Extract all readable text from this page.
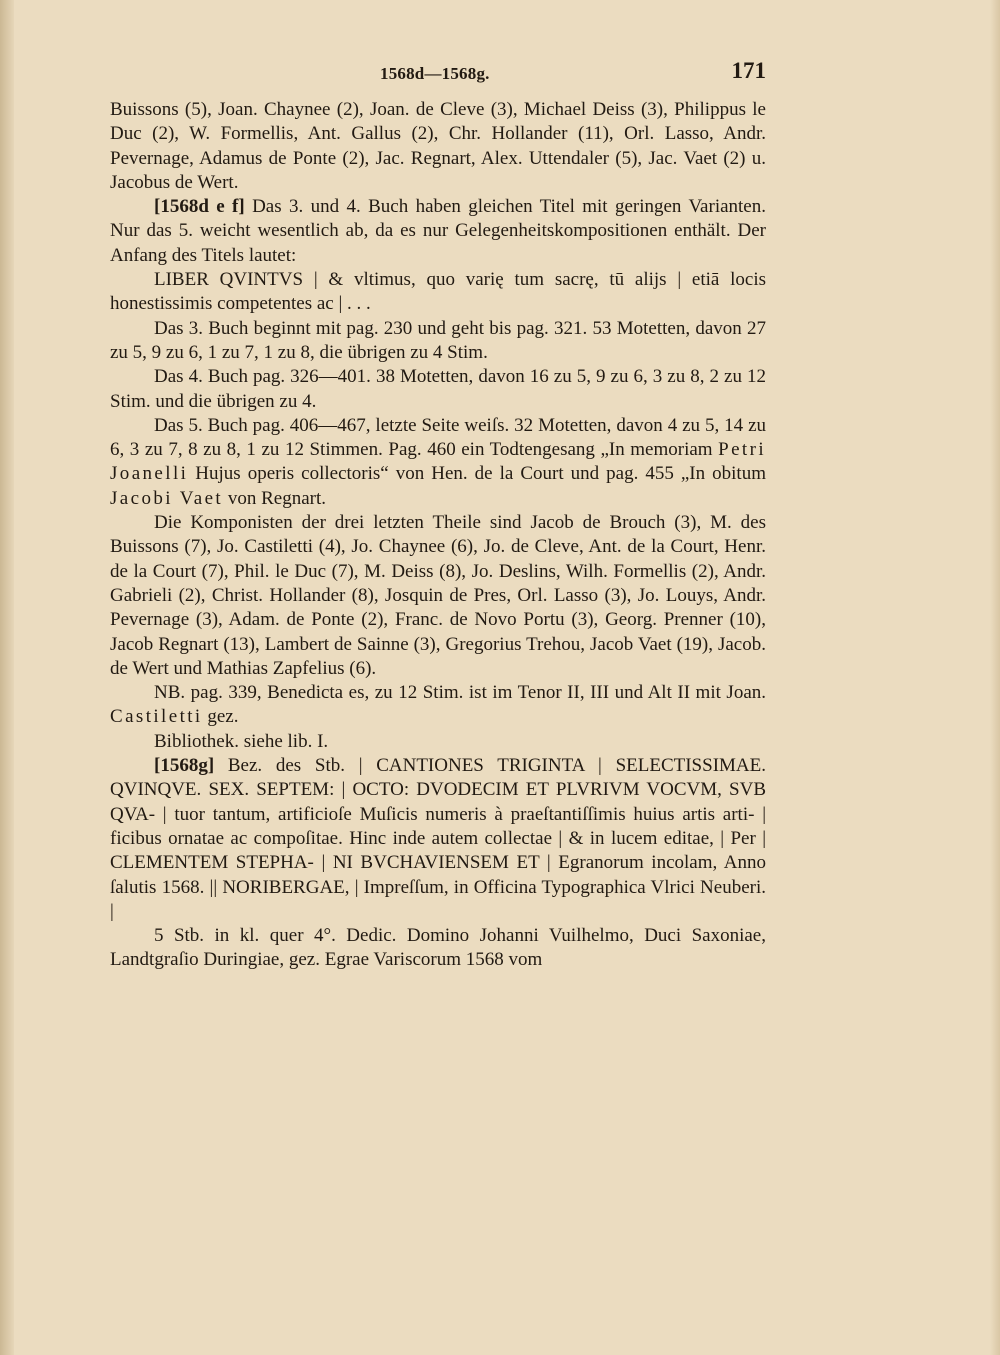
1568d—1568g.	171

Buissons (5), Joan. Chaynee (2), Joan. de Cleve (3), Michael Deiss (3), Philippus le Duc (2), W. Formellis, Ant. Gallus (2), Chr. Hollander (11), Orl. Lasso, Andr. Pevernage, Adamus de Ponte (2), Jac. Regnart, Alex. Uttendaler (5), Jac. Vaet (2) u. Jacobus de Wert.

[1568d e f] Das 3. und 4. Buch haben gleichen Titel mit geringen Varianten. Nur das 5. weicht wesentlich ab, da es nur Gelegenheitskompositionen enthält. Der Anfang des Titels lautet:

LIBER QVINTVS | & vltimus, quo varię tum sacrę, tū alijs | etiā locis honestissimis competentes ac | . . .

Das 3. Buch beginnt mit pag. 230 und geht bis pag. 321. 53 Motetten, davon 27 zu 5, 9 zu 6, 1 zu 7, 1 zu 8, die übrigen zu 4 Stim.

Das 4. Buch pag. 326—401. 38 Motetten, davon 16 zu 5, 9 zu 6, 3 zu 8, 2 zu 12 Stim. und die übrigen zu 4.

Das 5. Buch pag. 406—467, letzte Seite weiſs. 32 Motetten, davon 4 zu 5, 14 zu 6, 3 zu 7, 8 zu 8, 1 zu 12 Stimmen. Pag. 460 ein Todtengesang „In memoriam Petri Joanelli Hujus operis collectoris“ von Hen. de la Court und pag. 455 „In obitum Jacobi Vaet von Regnart.

Die Komponisten der drei letzten Theile sind Jacob de Brouch (3), M. des Buissons (7), Jo. Castiletti (4), Jo. Chaynee (6), Jo. de Cleve, Ant. de la Court, Henr. de la Court (7), Phil. le Duc (7), M. Deiss (8), Jo. Deslins, Wilh. Formellis (2), Andr. Gabrieli (2), Christ. Hollander (8), Josquin de Pres, Orl. Lasso (3), Jo. Louys, Andr. Pevernage (3), Adam. de Ponte (2), Franc. de Novo Portu (3), Georg. Prenner (10), Jacob Regnart (13), Lambert de Sainne (3), Gregorius Trehou, Jacob Vaet (19), Jacob. de Wert und Mathias Zapfelius (6).

NB. pag. 339, Benedicta es, zu 12 Stim. ist im Tenor II, III und Alt II mit Joan. Castiletti gez.

Bibliothek. siehe lib. I.

[1568g] Bez. des Stb. | CANTIONES TRIGINTA | SELECTISSIMAE. QVINQVE. SEX. SEPTEM: | OCTO: DVODECIM ET PLVRIVM VOCVM, SVB QVA- | tuor tantum, artificioſe Muſicis numeris à praeſtantiſſimis huius artis arti- | ficibus ornatae ac compoſitae. Hinc inde autem collectae | & in lucem editae, | Per | CLEMENTEM STEPHA- | NI BVCHAVIENSEM ET | Egranorum incolam, Anno ſalutis 1568. || NORIBERGAE, | Impreſſum, in Officina Typographica Vlrici Neuberi. |

5 Stb. in kl. quer 4°. Dedic. Domino Johanni Vuilhelmo, Duci Saxoniae, Landtgraſio Duringiae, gez. Egrae Variscorum 1568 vom
